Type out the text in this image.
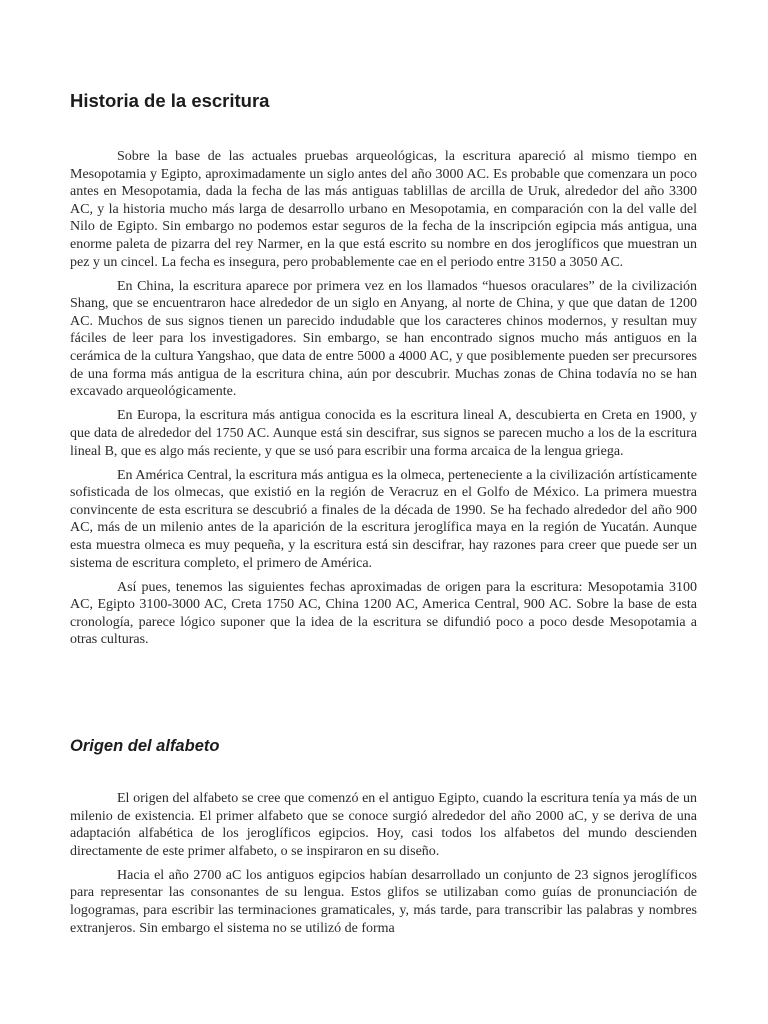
Historia de la escritura

Sobre la base de las actuales pruebas arqueológicas, la escritura apareció al mismo tiempo en Mesopotamia y Egipto, aproximadamente un siglo antes del año 3000 AC. Es probable que comenzara un poco antes en Mesopotamia, dada la fecha de las más antiguas tablillas de arcilla de Uruk, alrededor del año 3300 AC, y la historia mucho más larga de desarrollo urbano en Mesopotamia, en comparación con la del valle del Nilo de Egipto. Sin embargo no podemos estar seguros de la fecha de la inscripción egipcia más antigua, una enorme paleta de pizarra del rey Narmer, en la que está escrito su nombre en dos jeroglíficos que muestran un pez y un cincel. La fecha es insegura, pero probablemente cae en el periodo entre 3150 a 3050 AC.

En China, la escritura aparece por primera vez en los llamados “huesos oraculares” de la civilización Shang, que se encuentraron hace alrededor de un siglo en Anyang, al norte de China, y que que datan de 1200 AC. Muchos de sus signos tienen un parecido indudable que los caracteres chinos modernos, y resultan muy fáciles de leer para los investigadores. Sin embargo, se han encontrado signos mucho más antiguos en la cerámica de la cultura Yangshao, que data de entre 5000 a 4000 AC, y que posiblemente pueden ser precursores de una forma más antigua de la escritura china, aún por descubrir. Muchas zonas de China todavía no se han excavado arqueológicamente.

En Europa, la escritura más antigua conocida es la escritura lineal A, descubierta en Creta en 1900, y que data de alrededor del 1750 AC. Aunque está sin descifrar, sus signos se parecen mucho a los de la escritura lineal B, que es algo más reciente, y que se usó para escribir una forma arcaica de la lengua griega.

En América Central, la escritura más antigua es la olmeca, perteneciente a la civilización artísticamente sofisticada de los olmecas, que existió en la región de Veracruz en el Golfo de México. La primera muestra convincente de esta escritura se descubrió a finales de la década de 1990. Se ha fechado alrededor del año 900 AC, más de un milenio antes de la aparición de la escritura jeroglífica maya en la región de Yucatán. Aunque esta muestra olmeca es muy pequeña, y la escritura está sin descifrar, hay razones para creer que puede ser un sistema de escritura completo, el primero de América.

Así pues, tenemos las siguientes fechas aproximadas de origen para la escritura: Mesopotamia 3100 AC, Egipto 3100-3000 AC, Creta 1750 AC, China 1200 AC, America Central, 900 AC. Sobre la base de esta cronología, parece lógico suponer que la idea de la escritura se difundió poco a poco desde Mesopotamia a otras culturas.

Origen del alfabeto

El origen del alfabeto se cree que comenzó en el antiguo Egipto, cuando la escritura tenía ya más de un milenio de existencia. El primer alfabeto que se conoce surgió alrededor del año 2000 aC, y se deriva de una adaptación alfabética de los jeroglíficos egipcios. Hoy, casi todos los alfabetos del mundo descienden directamente de este primer alfabeto, o se inspiraron en su diseño.

Hacia el año 2700 aC los antiguos egipcios habían desarrollado un conjunto de 23 signos jeroglíficos para representar las consonantes de su lengua. Estos glifos se utilizaban como guías de pronunciación de logogramas, para escribir las terminaciones gramaticales, y, más tarde, para transcribir las palabras y nombres extranjeros. Sin embargo el sistema no se utilizó de forma
